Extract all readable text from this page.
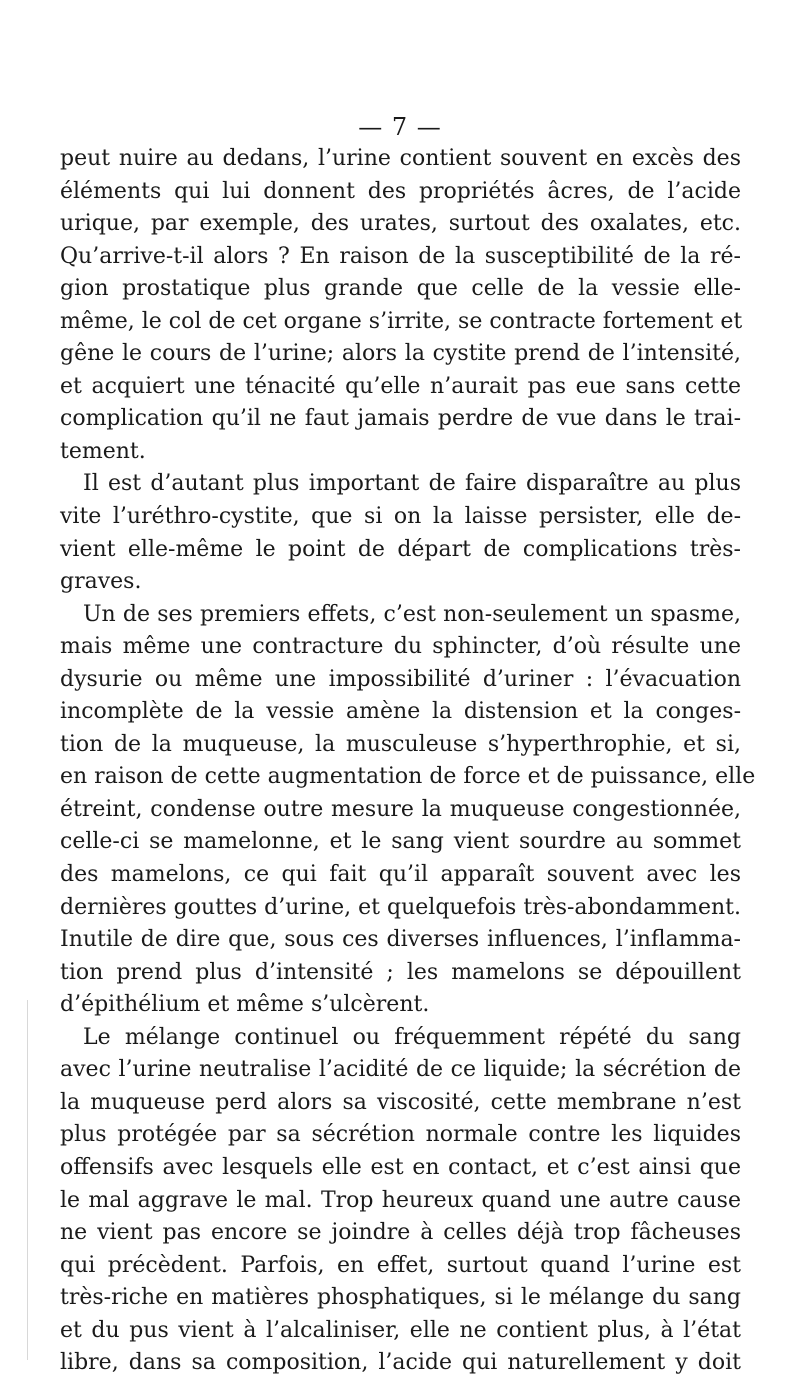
— 7 —
peut nuire au dedans, l’urine contient souvent en excès des
éléments qui lui donnent des propriétés âcres, de l’acide
urique, par exemple, des urates, surtout des oxalates, etc.
Qu’arrive-t-il alors ? En raison de la susceptibilité de la ré-
gion prostatique plus grande que celle de la vessie elle-
même, le col de cet organe s’irrite, se contracte fortement et
gêne le cours de l’urine; alors la cystite prend de l’intensité,
et acquiert une ténacité qu’elle n’aurait pas eue sans cette
complication qu’il ne faut jamais perdre de vue dans le trai-
tement.
Il est d’autant plus important de faire disparaître au plus
vite l’uréthro-cystite, que si on la laisse persister, elle de-
vient elle-même le point de départ de complications très-
graves.
Un de ses premiers effets, c’est non-seulement un spasme,
mais même une contracture du sphincter, d’où résulte une
dysurie ou même une impossibilité d’uriner : l’évacuation
incomplète de la vessie amène la distension et la conges-
tion de la muqueuse, la musculeuse s’hyperthrophie, et si,
en raison de cette augmentation de force et de puissance, elle
étreint, condense outre mesure la muqueuse congestionnée,
celle-ci se mamelonne, et le sang vient sourdre au sommet
des mamelons, ce qui fait qu’il apparaît souvent avec les
dernières gouttes d’urine, et quelquefois très-abondamment.
Inutile de dire que, sous ces diverses influences, l’inflamma-
tion prend plus d’intensité ; les mamelons se dépouillent
d’épithélium et même s’ulcèrent.
Le mélange continuel ou fréquemment répété du sang
avec l’urine neutralise l’acidité de ce liquide; la sécrétion de
la muqueuse perd alors sa viscosité, cette membrane n’est
plus protégée par sa sécrétion normale contre les liquides
offensifs avec lesquels elle est en contact, et c’est ainsi que
le mal aggrave le mal. Trop heureux quand une autre cause
ne vient pas encore se joindre à celles déjà trop fâcheuses
qui précèdent. Parfois, en effet, surtout quand l’urine est
très-riche en matières phosphatiques, si le mélange du sang
et du pus vient à l’alcaliniser, elle ne contient plus, à l’état
libre, dans sa composition, l’acide qui naturellement y doit
